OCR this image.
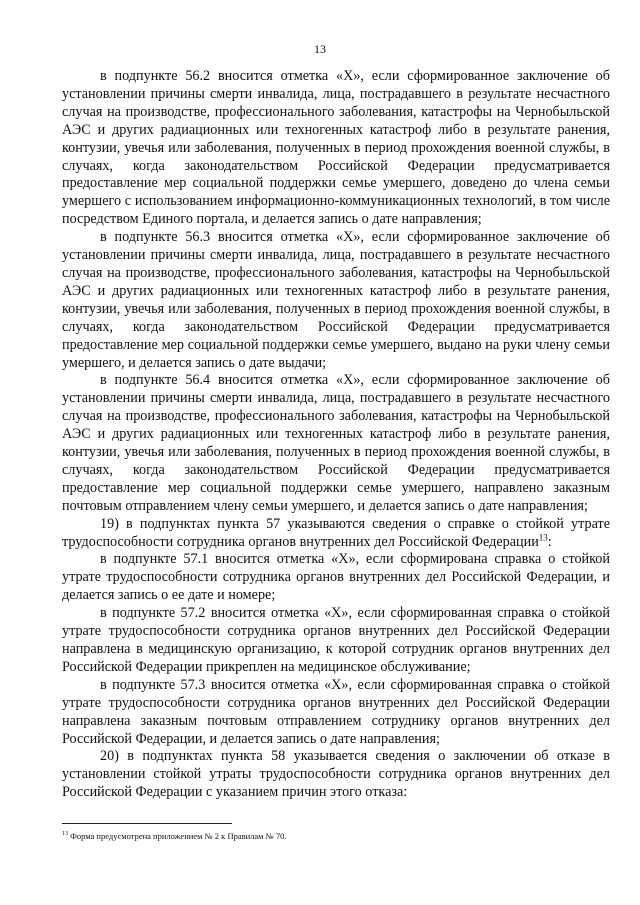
13

в подпункте 56.2 вносится отметка «X», если сформированное заключение об установлении причины смерти инвалида, лица, пострадавшего в результате несчастного случая на производстве, профессионального заболевания, катастрофы на Чернобыльской АЭС и других радиационных или техногенных катастроф либо в результате ранения, контузии, увечья или заболевания, полученных в период прохождения военной службы, в случаях, когда законодательством Российской Федерации предусматривается предоставление мер социальной поддержки семье умершего, доведено до члена семьи умершего с использованием информационно-коммуникационных технологий, в том числе посредством Единого портала, и делается запись о дате направления;

в подпункте 56.3 вносится отметка «X», если сформированное заключение об установлении причины смерти инвалида, лица, пострадавшего в результате несчастного случая на производстве, профессионального заболевания, катастрофы на Чернобыльской АЭС и других радиационных или техногенных катастроф либо в результате ранения, контузии, увечья или заболевания, полученных в период прохождения военной службы, в случаях, когда законодательством Российской Федерации предусматривается предоставление мер социальной поддержки семье умершего, выдано на руки члену семьи умершего, и делается запись о дате выдачи;

в подпункте 56.4 вносится отметка «X», если сформированное заключение об установлении причины смерти инвалида, лица, пострадавшего в результате несчастного случая на производстве, профессионального заболевания, катастрофы на Чернобыльской АЭС и других радиационных или техногенных катастроф либо в результате ранения, контузии, увечья или заболевания, полученных в период прохождения военной службы, в случаях, когда законодательством Российской Федерации предусматривается предоставление мер социальной поддержки семье умершего, направлено заказным почтовым отправлением члену семьи умершего, и делается запись о дате направления;

19) в подпунктах пункта 57 указываются сведения о справке о стойкой утрате трудоспособности сотрудника органов внутренних дел Российской Федерации$^{13}$:

в подпункте 57.1 вносится отметка «X», если сформирована справка о стойкой утрате трудоспособности сотрудника органов внутренних дел Российской Федерации, и делается запись о ее дате и номере;

в подпункте 57.2 вносится отметка «X», если сформированная справка о стойкой утрате трудоспособности сотрудника органов внутренних дел Российской Федерации направлена в медицинскую организацию, к которой сотрудник органов внутренних дел Российской Федерации прикреплен на медицинское обслуживание;

в подпункте 57.3 вносится отметка «X», если сформированная справка о стойкой утрате трудоспособности сотрудника органов внутренних дел Российской Федерации направлена заказным почтовым отправлением сотруднику органов внутренних дел Российской Федерации, и делается запись о дате направления;

20) в подпунктах пункта 58 указывается сведения о заключении об отказе в установлении стойкой утраты трудоспособности сотрудника органов внутренних дел Российской Федерации с указанием причин этого отказа:

$^{13}$ Форма предусмотрена приложением № 2 к Правилам № 70.
